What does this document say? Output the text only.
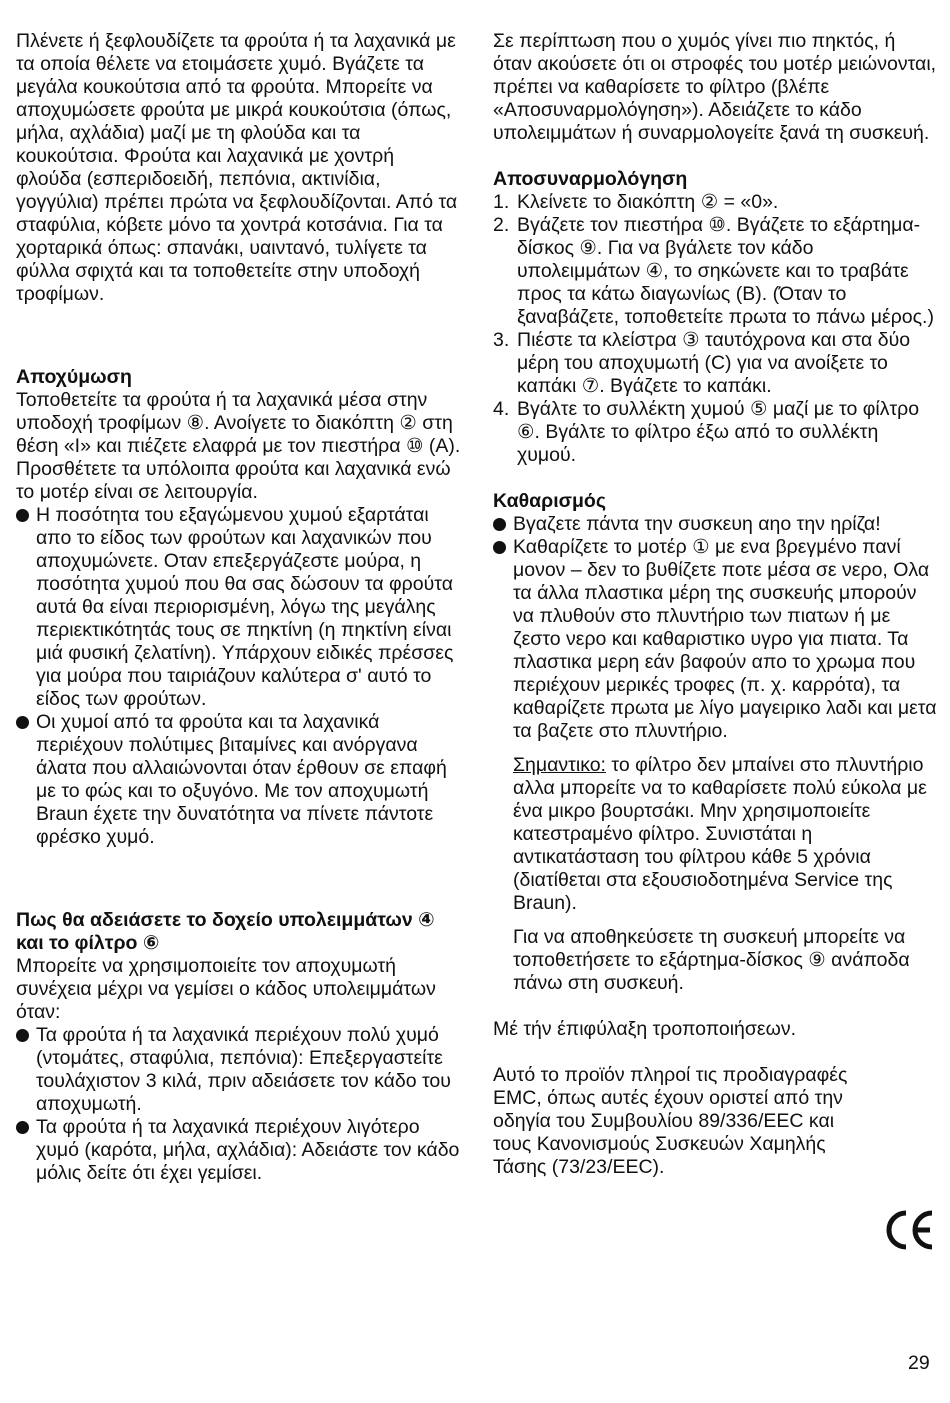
Πλένετε ή ξεφλουδίζετε τα φρούτα ή τα λαχανικά με τα οποία θέλετε να ετοιμάσετε χυμό. Βγάζετε τα μεγάλα κουκούτσια από τα φρούτα. Μπορείτε να αποχυμώσετε φρούτα με μικρά κουκούτσια (όπως, μήλα, αχλάδια) μαζί με τη φλούδα και τα κουκούτσια. Φρούτα και λαχανικά με χοντρή φλούδα (εσπεριδοειδή, πεπόνια, ακτινίδια, γογγύλια) πρέπει πρώτα να ξεφλουδίζονται. Από τα σταφύλια, κόβετε μόνο τα χοντρά κοτσάνια. Για τα χορταρικά όπως: σπανάκι, υαινταvό, τυλίγετε τα φύλλα σφιχτά και τα τοποθετείτε στην υποδοχή τροφίμων.

Αποχύμωση

Τοποθετείτε τα φρούτα ή τα λαχανικά μέσα στην υποδοχή τροφίμων ⑧. Ανοίγετε το διακόπτη ② στη θέση «I» και πιέζετε ελαφρά με τον πιεστήρα ⑩ (A). Προσθέτετε τα υπόλοιπα φρούτα και λαχανικά ενώ το μοτέρ είναι σε λειτουργία.

Η ποσότητα του εξαγώμενου χυμού εξαρτάται απο το είδος των φρούτων και λαχανικών που αποχυμώνετε. Οταν επεξεργάζεστε μούρα, η ποσότητα χυμού που θα σας δώσουν τα φρούτα αυτά θα είναι περιορισμένη, λόγω της μεγάλης περιεκτικότητάς τους σε πηκτίνη (η πηκτίνη είναι μιά φυσική ζελατίνη). Υπάρχουν ειδικές πρέσσες για μούρα που ταιριάζουν καλύτερα σ' αυτό το είδος των φρούτων.

Οι χυμοί από τα φρούτα και τα λαχανικά περιέχουν πολύτιμες βιταμίνες και ανόργανα άλατα που αλλαιώνονται όταν έρθουν σε επαφή με το φώς και το οξυγόνο. Με τον αποχυμωτή Braun έχετε την δυνατότητα να πίνετε πάντοτε φρέσκο χυμό.

Πως θα αδειάσετε το δοχείο υπολειμμάτων ④ και το φίλτρο ⑥

Μπορείτε να χρησιμοποιείτε τον αποχυμωτή συνέχεια μέχρι να γεμίσει ο κάδος υπολειμμάτων όταν:

Τα φρούτα ή τα λαχανικά περιέχουν πολύ χυμό (ντομάτες, σταφύλια, πεπόνια): Επεξεργαστείτε τουλάχιστον 3 κιλά, πριν αδειάσετε τον κάδο του αποχυμωτή.

Τα φρούτα ή τα λαχανικά περιέχουν λιγότερο χυμό (καρότα, μήλα, αχλάδια): Αδειάστε τον κάδο μόλις δείτε ότι έχει γεμίσει.

Σε περίπτωση που ο χυμός γίνει πιο πηκτός, ή όταν ακούσετε ότι οι στροφές του μοτέρ μειώνονται, πρέπει να καθαρίσετε το φίλτρο (βλέπε «Αποσυναρμολόγηση»). Αδειάζετε το κάδο υπολειμμάτων ή συναρμολογείτε ξανά τη συσκευή.

Αποσυναρμολόγηση

1. Κλείνετε το διακόπτη ② = «0».
2. Βγάζετε τον πιεστήρα ⑩. Βγάζετε το εξάρτημα-δίσκος ⑨. Για να βγάλετε τον κάδο υπολειμμάτων ④, το σηκώνετε και το τραβάτε προς τα κάτω διαγωνίως (B). (Όταν το ξαναβάζετε, τοποθετείτε πρωτα το πάνω μέρος.)
3. Πιέστε τα κλείστρα ③ ταυτόχρονα και στα δύο μέρη του αποχυμωτή (C) για να ανοίξετε το καπάκι ⑦. Βγάζετε το καπάκι.
4. Βγάλτε το συλλέκτη χυμού ⑤ μαζί με το φίλτρο ⑥. Βγάλτε το φίλτρο έξω από το συλλέκτη χυμού.

Καθαρισμός

Βγαζετε πάντα την συσκευη αηο την ηρίζα!

Καθαρίζετε το μοτέρ ① με ενα βρεγμένο πανί μονον – δεν το βυθίζετε ποτε μέσα σε νερο, Ολα τα άλλα πλαστικα μέρη της συσκευής μπορούν να πλυθούν στο πλυντήριο των πιατων ή με ζεστο νερο και καθαριστικο υγρο για πιατα. Τα πλαστικα μερη εάν βαφούν απο το χρωμα που περιέχουν μερικές τροφες (π. χ. καρρότα), τα καθαρίζετε πρωτα με λίγο μαγειρικο λαδι και μετα τα βαζετε στο πλυντήριο.

Σημαντικο: το φίλτρο δεν μπαίνει στο πλυντήριο αλλα μπορείτε να το καθαρίσετε πολύ εύκολα με ένα μικρο βουρτσάκι. Μην χρησιμοποιείτε κατεστραμένο φίλτρο. Συνιστάται η αντικατάσταση του φίλτρου κάθε 5 χρόνια (διατίθεται στα εξουσιοδοτημένα Service της Braun).

Για να αποθηκεύσετε τη συσκευή μπορείτε να τοποθετήσετε το εξάρτημα-δίσκος ⑨ ανάποδα πάνω στη συσκευή.

Mέ τήν έπιφύλαξη τροποποιήσεων.

Αυτό το προϊόν πληροί τις προδιαγραφές EMC, όπως αυτές έχουν οριστεί από την οδηγία του Συμβουλίου 89/336/EEC και τους Κανονισμούς Συσκευών Χαμηλής Τάσης (73/23/EEC).

29
